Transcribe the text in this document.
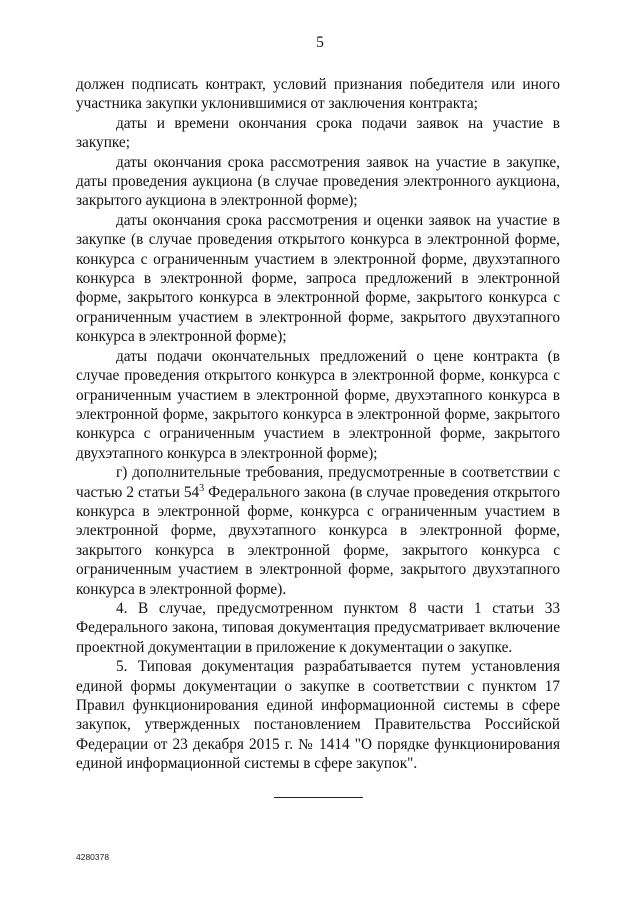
5

должен подписать контракт, условий признания победителя или иного участника закупки уклонившимися от заключения контракта;

даты и времени окончания срока подачи заявок на участие в закупке;

даты окончания срока рассмотрения заявок на участие в закупке, даты проведения аукциона (в случае проведения электронного аукциона, закрытого аукциона в электронной форме);

даты окончания срока рассмотрения и оценки заявок на участие в закупке (в случае проведения открытого конкурса в электронной форме, конкурса с ограниченным участием в электронной форме, двухэтапного конкурса в электронной форме, запроса предложений в электронной форме, закрытого конкурса в электронной форме, закрытого конкурса с ограниченным участием в электронной форме, закрытого двухэтапного конкурса в электронной форме);

даты подачи окончательных предложений о цене контракта (в случае проведения открытого конкурса в электронной форме, конкурса с ограниченным участием в электронной форме, двухэтапного конкурса в электронной форме, закрытого конкурса в электронной форме, закрытого конкурса с ограниченным участием в электронной форме, закрытого двухэтапного конкурса в электронной форме);

г) дополнительные требования, предусмотренные в соответствии с частью 2 статьи $54^3$ Федерального закона (в случае проведения открытого конкурса в электронной форме, конкурса с ограниченным участием в электронной форме, двухэтапного конкурса в электронной форме, закрытого конкурса в электронной форме, закрытого конкурса с ограниченным участием в электронной форме, закрытого двухэтапного конкурса в электронной форме).

4. В случае, предусмотренном пунктом 8 части 1 статьи 33 Федерального закона, типовая документация предусматривает включение проектной документации в приложение к документации о закупке.

5. Типовая документация разрабатывается путем установления единой формы документации о закупке в соответствии с пунктом 17 Правил функционирования единой информационной системы в сфере закупок, утвержденных постановлением Правительства Российской Федерации от 23 декабря 2015 г. № 1414 "О порядке функционирования единой информационной системы в сфере закупок".

4280378
